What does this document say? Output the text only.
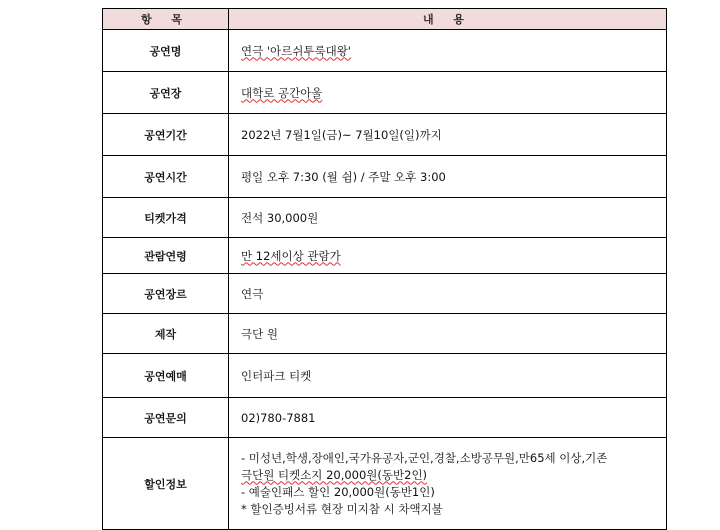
항 목	내 용
공연명	연극 '아르쉬투룩대왕'
공연장	대학로 공간아울
공연기간	2022년 7월1일(금)~ 7월10일(일)까지
공연시간	평일 오후 7:30 (월 쉼) / 주말 오후 3:00
티켓가격	전석 30,000원
관람연령	만 12세이상 관람가
공연장르	연극
제작	극단 원
공연예매	인터파크 티켓
공연문의	02)780-7881
할인정보	- 미성년,학생,장애인,국가유공자,군인,경찰,소방공무원,만65세 이상,기존
극단원 티켓소지 20,000원(동반2인)
- 예술인패스 할인 20,000원(동반1인)
* 할인증빙서류 현장 미지참 시 차액지불
